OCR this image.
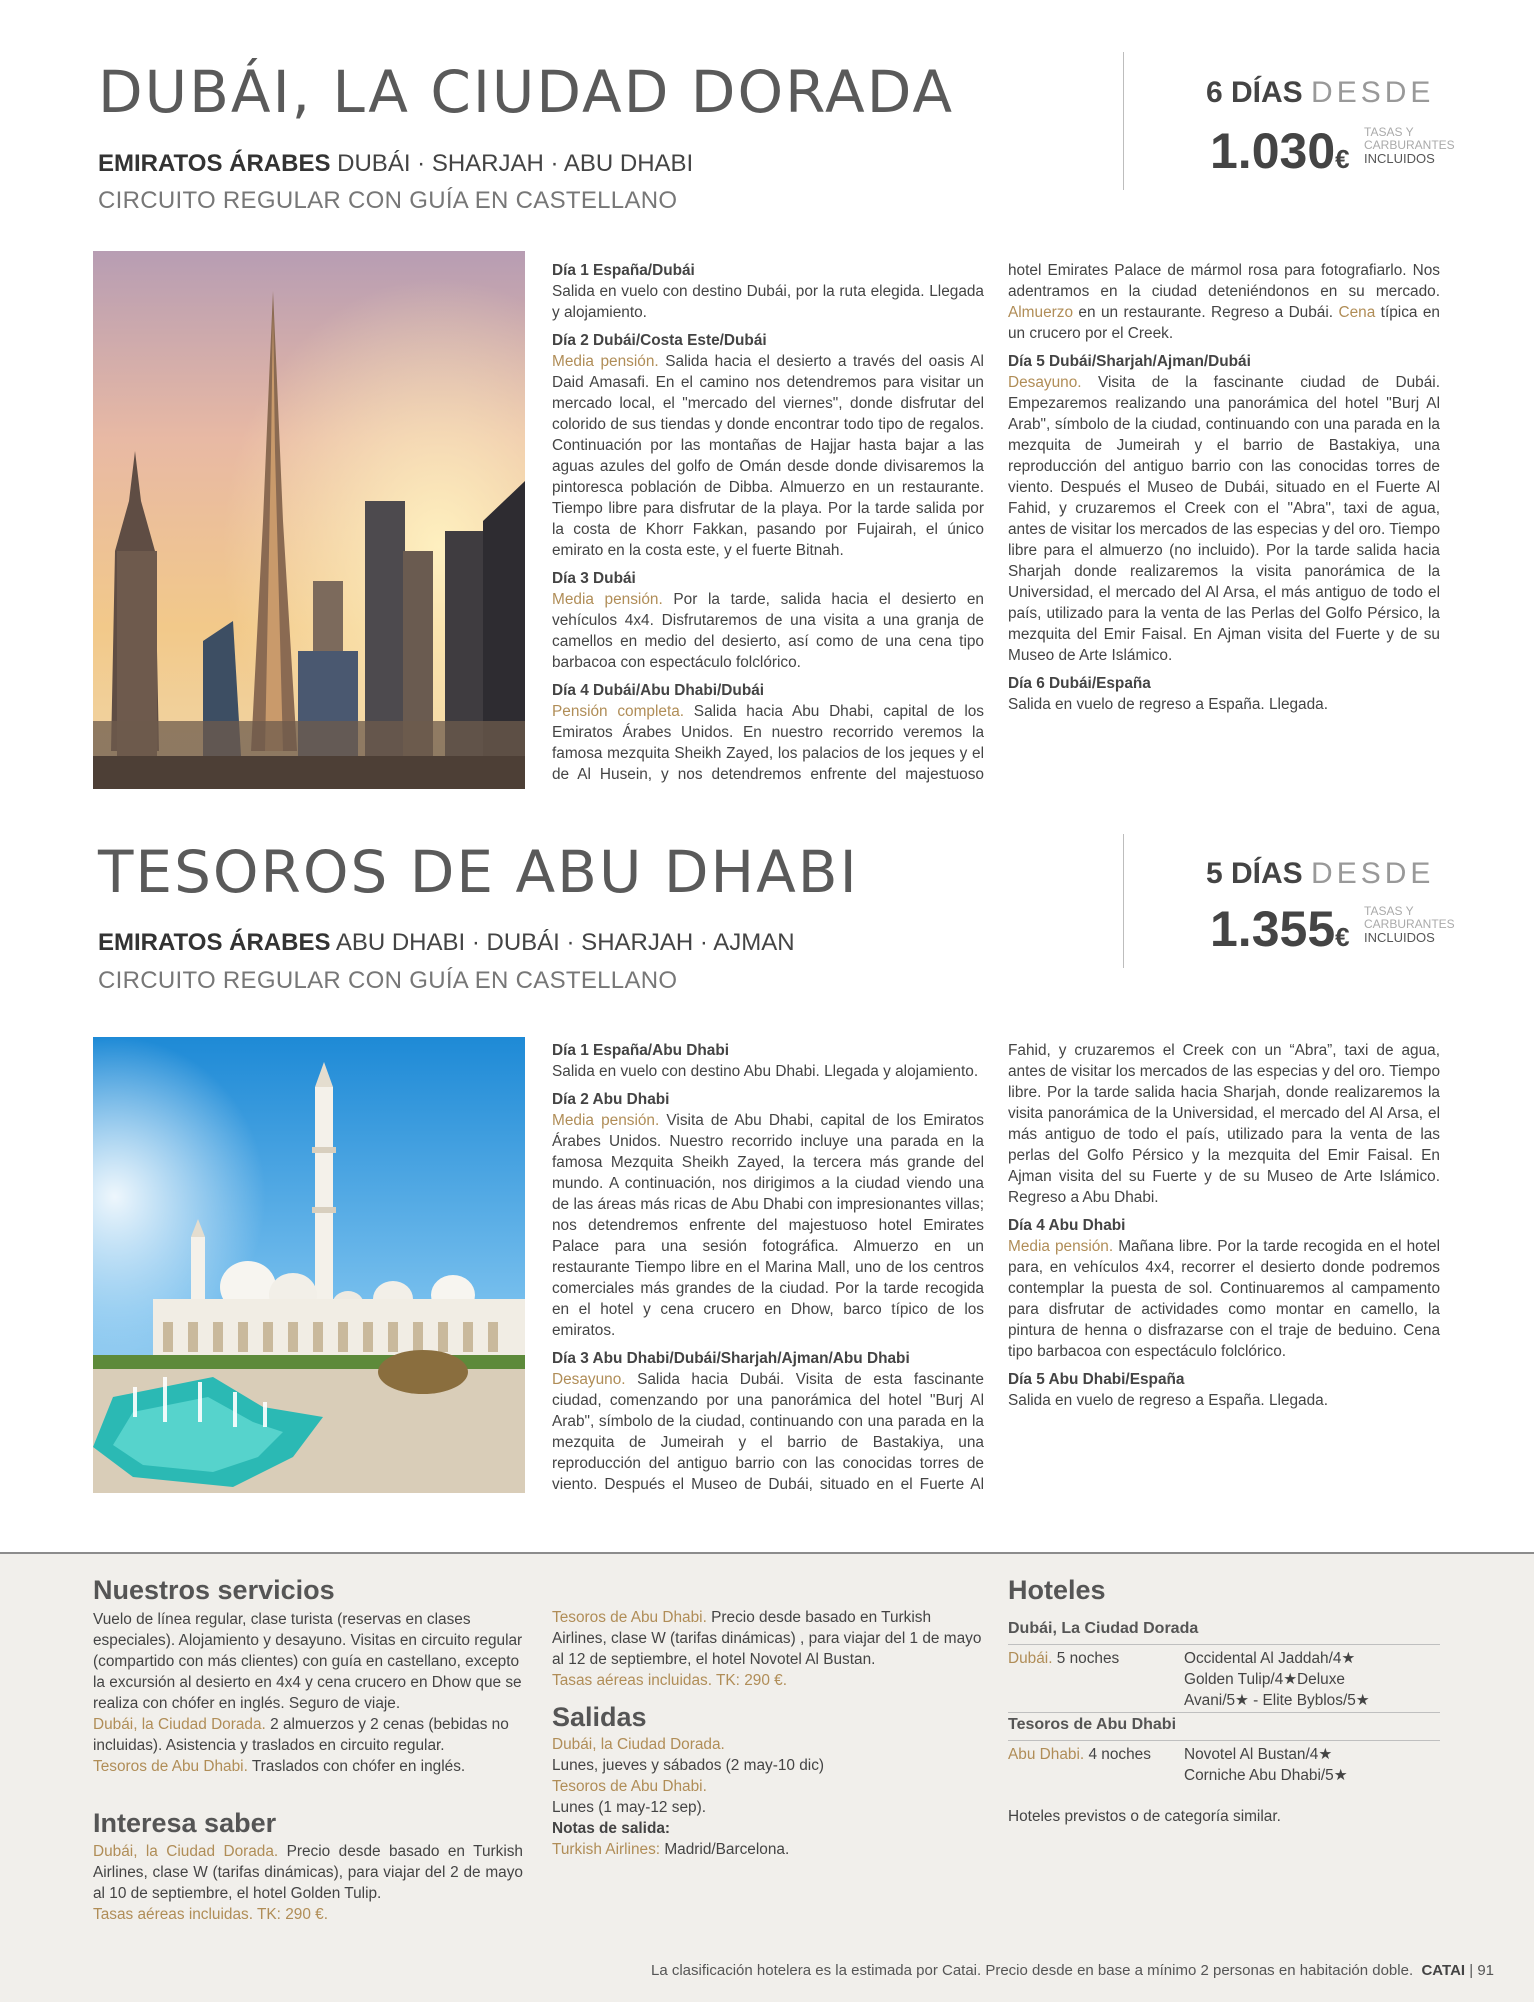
DUBÁI, LA CIUDAD DORADA
EMIRATOS ÁRABES DUBÁI · SHARJAH · ABU DHABI
CIRCUITO REGULAR CON GUÍA EN CASTELLANO
6 DÍAS DESDE
1.030€
TASAS Y
CARBURANTES
INCLUIDOS

Día 1 España/Dubái

Salida en vuelo con destino Dubái, por la ruta elegida. Llegada y alojamiento.

Día 2 Dubái/Costa Este/Dubái

Media pensión. Salida hacia el desierto a través del oasis Al Daid Amasafi. En el camino nos detendremos para visitar un mercado local, el "mercado del viernes", donde disfrutar del colorido de sus tiendas y donde encontrar todo tipo de regalos. Continuación por las montañas de Hajjar hasta bajar a las aguas azules del golfo de Omán desde donde divisaremos la pintoresca población de Dibba. Almuerzo en un restaurante. Tiempo libre para disfrutar de la playa. Por la tarde salida por la costa de Khorr Fakkan, pasando por Fujairah, el único emirato en la costa este, y el fuerte Bitnah.

Día 3 Dubái

Media pensión. Por la tarde, salida hacia el desierto en vehículos 4x4. Disfrutaremos de una visita a una granja de camellos en medio del desierto, así como de una cena tipo barbacoa con espectáculo folclórico.

Día 4 Dubái/Abu Dhabi/Dubái

Pensión completa. Salida hacia Abu Dhabi, capital de los Emiratos Árabes Unidos. En nuestro recorrido veremos la famosa mezquita Sheikh Zayed, los palacios de los jeques y el de Al Husein, y nos detendremos enfrente del majestuoso

hotel Emirates Palace de mármol rosa para fotografiarlo. Nos adentramos en la ciudad deteniéndonos en su mercado. Almuerzo en un restaurante. Regreso a Dubái. Cena típica en un crucero por el Creek.

Día 5 Dubái/Sharjah/Ajman/Dubái

Desayuno. Visita de la fascinante ciudad de Dubái. Empezaremos realizando una panorámica del hotel "Burj Al Arab", símbolo de la ciudad, continuando con una parada en la mezquita de Jumeirah y el barrio de Bastakiya, una reproducción del antiguo barrio con las conocidas torres de viento. Después el Museo de Dubái, situado en el Fuerte Al Fahid, y cruzaremos el Creek con el "Abra", taxi de agua, antes de visitar los mercados de las especias y del oro. Tiempo libre para el almuerzo (no incluido). Por la tarde salida hacia Sharjah donde realizaremos la visita panorámica de la Universidad, el mercado del Al Arsa, el más antiguo de todo el país, utilizado para la venta de las Perlas del Golfo Pérsico, la mezquita del Emir Faisal. En Ajman visita del Fuerte y de su Museo de Arte Islámico.

Día 6 Dubái/España

Salida en vuelo de regreso a España. Llegada.

TESOROS DE ABU DHABI
EMIRATOS ÁRABES ABU DHABI · DUBÁI · SHARJAH · AJMAN
CIRCUITO REGULAR CON GUÍA EN CASTELLANO
5 DÍAS DESDE
1.355€
TASAS Y
CARBURANTES
INCLUIDOS

Día 1 España/Abu Dhabi

Salida en vuelo con destino Abu Dhabi. Llegada y alojamiento.

Día 2 Abu Dhabi

Media pensión. Visita de Abu Dhabi, capital de los Emiratos Árabes Unidos. Nuestro recorrido incluye una parada en la famosa Mezquita Sheikh Zayed, la tercera más grande del mundo. A continuación, nos dirigimos a la ciudad viendo una de las áreas más ricas de Abu Dhabi con impresionantes villas; nos detendremos enfrente del majestuoso hotel Emirates Palace para una sesión fotográfica. Almuerzo en un restaurante Tiempo libre en el Marina Mall, uno de los centros comerciales más grandes de la ciudad. Por la tarde recogida en el hotel y cena crucero en Dhow, barco típico de los emiratos.

Día 3 Abu Dhabi/Dubái/Sharjah/Ajman/Abu Dhabi

Desayuno. Salida hacia Dubái. Visita de esta fascinante ciudad, comenzando por una panorámica del hotel "Burj Al Arab", símbolo de la ciudad, continuando con una parada en la mezquita de Jumeirah y el barrio de Bastakiya, una reproducción del antiguo barrio con las conocidas torres de viento. Después el Museo de Dubái, situado en el Fuerte Al

Fahid, y cruzaremos el Creek con un “Abra”, taxi de agua, antes de visitar los mercados de las especias y del oro. Tiempo libre. Por la tarde salida hacia Sharjah, donde realizaremos la visita panorámica de la Universidad, el mercado del Al Arsa, el más antiguo de todo el país, utilizado para la venta de las perlas del Golfo Pérsico y la mezquita del Emir Faisal. En Ajman visita del su Fuerte y de su Museo de Arte Islámico. Regreso a Abu Dhabi.

Día 4 Abu Dhabi

Media pensión. Mañana libre. Por la tarde recogida en el hotel para, en vehículos 4x4, recorrer el desierto donde podremos contemplar la puesta de sol. Continuaremos al campamento para disfrutar de actividades como montar en camello, la pintura de henna o disfrazarse con el traje de beduino. Cena tipo barbacoa con espectáculo folclórico.

Día 5 Abu Dhabi/España

Salida en vuelo de regreso a España. Llegada.

Nuestros servicios

Vuelo de línea regular, clase turista (reservas en clases especiales). Alojamiento y desayuno. Visitas en circuito regular (compartido con más clientes) con guía en castellano, excepto la excursión al desierto en 4x4 y cena crucero en Dhow que se realiza con chófer en inglés. Seguro de viaje.

Dubái, la Ciudad Dorada. 2 almuerzos y 2 cenas (bebidas no incluidas). Asistencia y traslados en circuito regular.

Tesoros de Abu Dhabi. Traslados con chófer en inglés.

Interesa saber

Dubái, la Ciudad Dorada. Precio desde basado en Turkish Airlines, clase W (tarifas dinámicas), para viajar del 2 de mayo al 10 de septiembre, el hotel Golden Tulip.

Tasas aéreas incluidas. TK: 290 €.

Tesoros de Abu Dhabi. Precio desde basado en Turkish Airlines, clase W (tarifas dinámicas) , para viajar del 1 de mayo al 12 de septiembre, el hotel Novotel Al Bustan.

Tasas aéreas incluidas. TK: 290 €.

Salidas

Dubái, la Ciudad Dorada.

Lunes, jueves y sábados (2 may-10 dic)

Tesoros de Abu Dhabi.

Lunes (1 may-12 sep).

Notas de salida:

Turkish Airlines: Madrid/Barcelona.

Hoteles
Dubái, La Ciudad Dorada
Dubái. 5 noches	Occidental Al Jaddah/4★
Golden Tulip/4★Deluxe
Avani/5★ - Elite Byblos/5★
Tesoros de Abu Dhabi
Abu Dhabi. 4 noches Novotel Al Bustan/4★
Corniche Abu Dhabi/5★
Hoteles previstos o de categoría similar.
La clasificación hotelera es la estimada por Catai. Precio desde en base a mínimo 2 personas en habitación doble. CATAI | 91
